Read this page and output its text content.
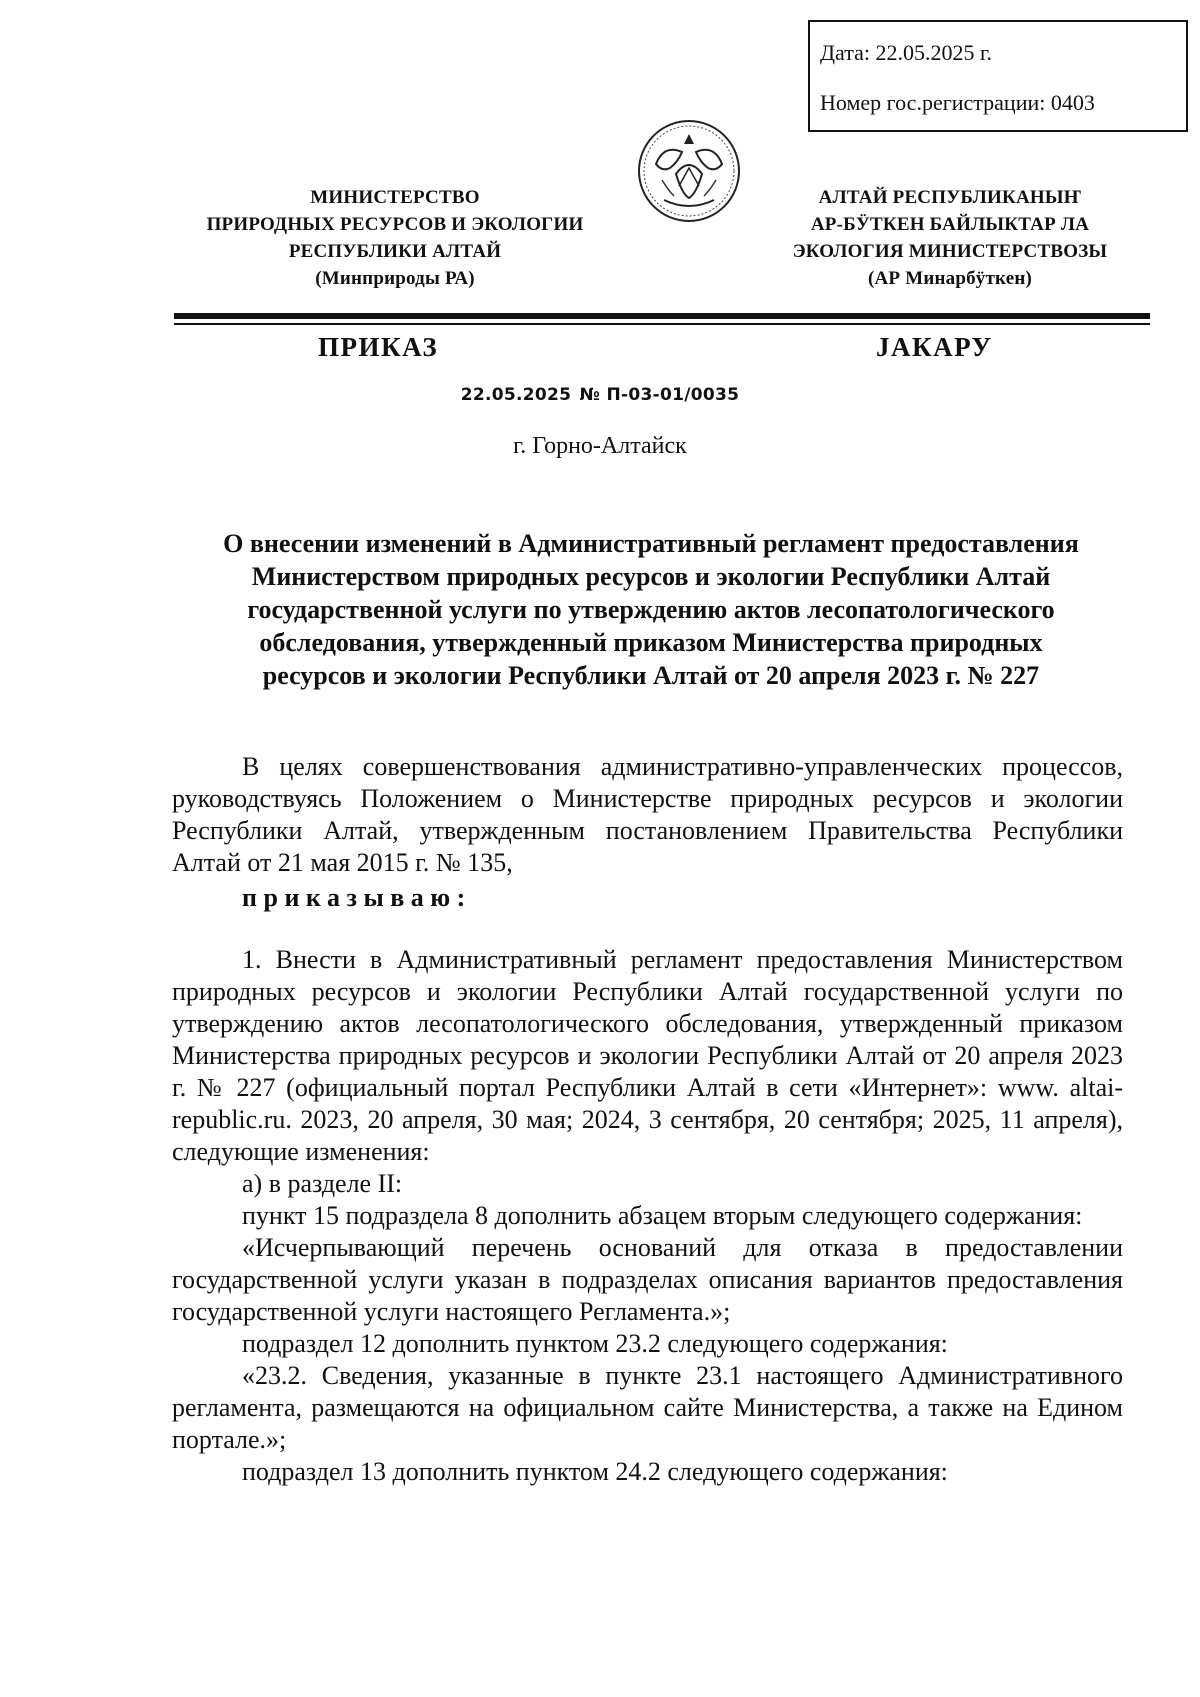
Дата: 22.05.2025 г.
Номер гос.регистрации: 0403
МИНИСТЕРСТВО
ПРИРОДНЫХ РЕСУРСОВ И ЭКОЛОГИИ
РЕСПУБЛИКИ АЛТАЙ
(Минприроды РА)
АЛТАЙ РЕСПУБЛИКАНЫҤ
АР-БӰТКЕН БАЙЛЫКТАР ЛА
ЭКОЛОГИЯ МИНИСТЕРСТВОЗЫ
(АР Минарбӱткен)
ПРИКАЗ	ЈАКАРУ
22.05.2025 № П-03-01/0035
г. Горно-Алтайск
О внесении изменений в Административный регламент предоставления
Министерством природных ресурсов и экологии Республики Алтай
государственной услуги по утверждению актов лесопатологического
обследования, утвержденный приказом Министерства природных
ресурсов и экологии Республики Алтай от 20 апреля 2023 г. № 227

В целях совершенствования административно-управленческих процессов, руководствуясь Положением о Министерстве природных ресурсов и экологии Республики Алтай, утвержденным постановлением Правительства Республики Алтай от 21 мая 2015 г. № 135,

приказываю:

1. Внести в Административный регламент предоставления Министерством природных ресурсов и экологии Республики Алтай государственной услуги по утверждению актов лесопатологического обследования, утвержденный приказом Министерства природных ресурсов и экологии Республики Алтай от 20 апреля 2023 г. № 227 (официальный портал Республики Алтай в сети «Интернет»: www. altai-republic.ru. 2023, 20 апреля, 30 мая; 2024, 3 сентября, 20 сентября; 2025, 11 апреля), следующие изменения:

а) в разделе II:

пункт 15 подраздела 8 дополнить абзацем вторым следующего содержания:

«Исчерпывающий перечень оснований для отказа в предоставлении государственной услуги указан в подразделах описания вариантов предоставления государственной услуги настоящего Регламента.»;

подраздел 12 дополнить пунктом 23.2 следующего содержания:

«23.2. Сведения, указанные в пункте 23.1 настоящего Административного регламента, размещаются на официальном сайте Министерства, а также на Едином портале.»;

подраздел 13 дополнить пунктом 24.2 следующего содержания:
